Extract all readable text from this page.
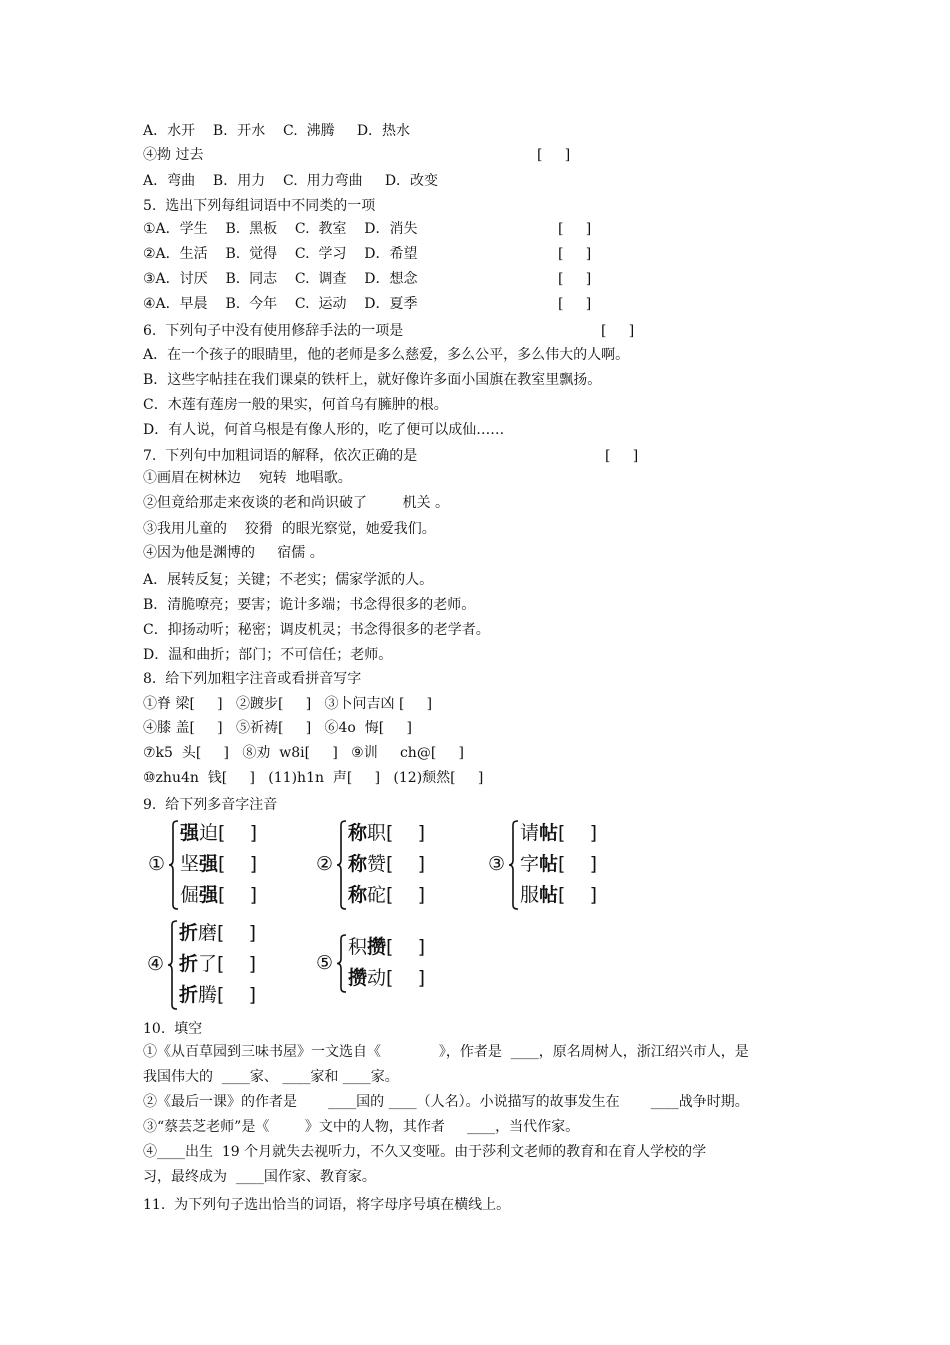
A．水开    B．开水    C.  沸腾     D．热水
④拗 过去
A．弯曲    B．用力    C.  用力弯曲     D．改变
5.  选出下列每组词语中不同类的一项
①A．学生    B.  黑板    C.  教室    D．消失
②A．生活    B.  觉得    C.  学习    D．希望
③A．讨厌    B.  同志    C.  调查    D．想念
④A．早晨    B.  今年    C.  运动    D．夏季
6.  下列句子中没有使用修辞手法的一项是
A．在一个孩子的眼睛里，他的老师是多么慈爱，多么公平，多么伟大的人啊。
B．这些字帖挂在我们课桌的铁杆上，就好像许多面小国旗在教室里飘扬。
C．木莲有莲房一般的果实，何首乌有臃肿的根。
D．有人说，何首乌根是有像人形的，吃了便可以成仙……
7.  下列句中加粗词语的解释，依次正确的是
①画眉在树林边    宛转  地唱歌。
②但竟给那走来夜谈的老和尚识破了        机关 。
③我用儿童的    狡猾  的眼光察觉，她爱我们。
④因为他是渊博的     宿儒 。
A．展转反复；关键；不老实；儒家学派的人。
B．清脆嘹亮；要害；诡计多端；书念得很多的老师。
C．抑扬动听；秘密；调皮机灵；书念得很多的老学者。
D．温和曲折；部门；不可信任；老师。
8.  给下列加粗字注音或看拼音写字
①脊 梁[     ]   ②踱步[     ]   ③卜问吉凶 [     ]
④膝 盖[     ]   ⑤祈祷[     ]   ⑥4o  悔[     ]
⑦k5  头[     ]   ⑧劝  w8i[     ]   ⑨训     ch@[     ]
⑩zhu4n  钱[     ]   (11)h1n  声[     ]   (12)颓然[     ]
9.  给下列多音字注音
10.  填空
①《从百草园到三味书屋》一文选自《             》，作者是  ____，原名周树人，浙江绍兴市人，是
我国伟大的  ____家、 ____家和 ____家。
②《最后一课》的作者是       ____国的 ____（人名）。小说描写的故事发生在       ____战争时期。
③“蔡芸芝老师”是《        》文中的人物，其作者     ____，当代作家。
④____出生  19 个月就失去视听力，不久又变哑。由于莎利文老师的教育和在育人学校的学
习，最终成为  ____国作家、教育家。
11.  为下列句子选出恰当的词语，将字母序号填在横线上。
[     ]
[     ]
[     ]
[     ]
[     ]
[     ]
[     ]
①
强迫[    ]
坚强[    ]
倔强[    ]
②
称职[    ]
称赞[    ]
称砣[    ]
③
请帖[    ]
字帖[    ]
服帖[    ]
④
折磨[    ]
折了[    ]
折腾[    ]
⑤
积攒[    ]
攒动[    ]
